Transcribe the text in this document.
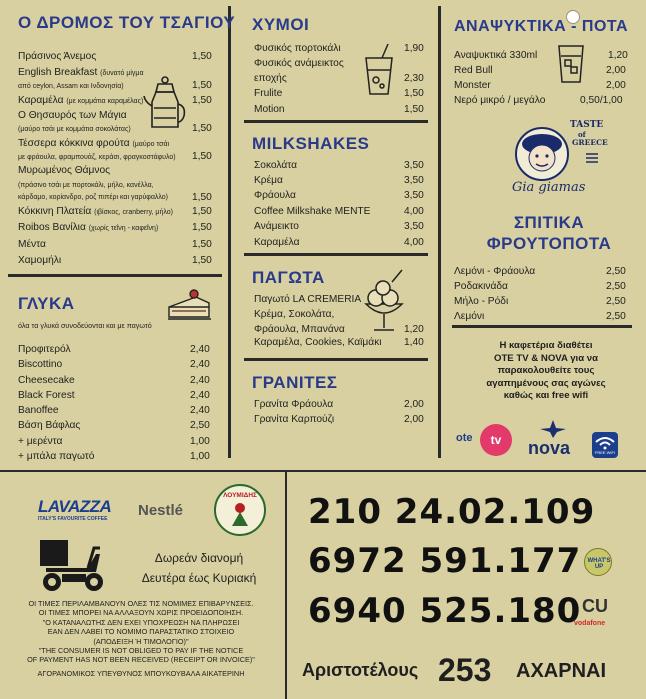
Ο ΔΡΟΜΟΣ ΤΟΥ ΤΣΑΓΙΟΥ
Πράσινος Άνεμος	1,50
English Breakfast (δυνατό μίγμα
από ceylon, Assam και Ινδονησία)	1,50
Καραμέλα (με κομμάτια καραμέλας)	1,50
Ο Θησαυρός των Μάγια
(μαύρο τσάι με κομμάτια σοκολάτας)	1,50
Τέσσερα κόκκινα φρούτα (μαύρο τσάι
με φράουλα, φραμπουάζ, κεράσι, φραγκοστάφυλο) 1,50
Μυρωμένος Θάμνος
(πράσινο τσάι με πορτοκάλι, μήλο, κανέλλα,
κάρδαμο, κορίανδρο, ροζ πιπέρι και γαρύφαλλο) 1,50
Κόκκινη Πλατεία (ιβίσκος, cranberry, μήλο) 1,50
Roibos Βανίλια (χωρίς τεΐνη - καφεΐνη)	1,50
Μέντα	1,50
Χαμομήλι	1,50
ΓΛΥΚΑ
όλα τα γλυκά συνοδεύονται και με παγωτό
Προφιτερόλ	2,40
Biscottino	2,40
Cheesecake	2,40
Black Forest	2,40
Banoffee	2,40
Βάση Βάφλας	2,50
+ μερέντα	1,00
+ μπάλα παγωτό	1,00
ΧΥΜΟΙ
Φυσικός πορτοκάλι	1,90
Φυσικός ανάμεικτος
εποχής	2,30
Frulite	1,50
Motion	1,50
MILKSHAKES
Σοκολάτα	3,50
Κρέμα	3,50
Φράουλα	3,50
Coffee Milkshake MENTE	4,00
Ανάμεικτο	3,50
Καραμέλα	4,00
ΠΑΓΩΤΑ
Παγωτό LA CREMERIA
Κρέμα, Σοκολάτα,
Φράουλα, Μπανάνα	1,20
Καραμέλα, Cookies, Καϊμάκι 1,40
ΓΡΑΝΙΤΕΣ
Γρανίτα Φράουλα	2,00
Γρανίτα Καρπούζι	2,00
ΑΝΑΨΥΚΤΙΚΑ - ΠΟΤΑ
Αναψυκτικά 330ml	1,20
Red Bull	2,00
Monster	2,00
Νερό μικρό / μεγάλο	0,50/1,00
TASTE
of
GREECE
Gia giamas
ΣΠΙΤΙΚΑ
ΦΡΟΥΤΟΠΟΤΑ
Λεμόνι - Φράουλα	2,50
Ροδακινάδα	2,50
Μήλο - Ρόδι	2,50
Λεμόνι	2,50
Η καφετέρια διαθέτει
OTE TV & NOVA για να
παρακολουθείτε τους
αγαπημένους σας αγώνες
καθώς και free wifi
ote	tv	nova	FREE WIFI
LAVAZZA
ITALY'S FAVOURITE COFFEE	Nestlé
ΛΟΥΜΙΔΗΣ
Δωρεάν διανομή
Δευτέρα έως Κυριακή
ΟΙ ΤΙΜΕΣ ΠΕΡΙΛΑΜΒΑΝΟΥΝ ΟΛΕΣ ΤΙΣ ΝΟΜΙΜΕΣ ΕΠΙΒΑΡΥΝΣΕΙΣ.
ΟΙ ΤΙΜΕΣ ΜΠΟΡΕΙ ΝΑ ΑΛΛΑΞΟΥΝ ΧΩΡΙΣ ΠΡΟΕΙΔΟΠΟΙΗΣΗ.
"Ο ΚΑΤΑΝΑΛΩΤΗΣ ΔΕΝ ΕΧΕΙ ΥΠΟΧΡΕΩΣΗ ΝΑ ΠΛΗΡΩΣΕΙ
ΕΑΝ ΔΕΝ ΛΑΒΕΙ ΤΟ ΝΟΜΙΜΟ ΠΑΡΑΣΤΑΤΙΚΟ ΣΤΟΙΧΕΙΟ
(ΑΠΟΔΕΙΞΗ Ή ΤΙΜΟΛΟΓΙΟ)"
"THE CONSUMER IS NOT OBLIGED TO PAY IF THE NOTICE
OF PAYMENT HAS NOT BEEN RECEIVED (RECEIPT OR INVOICE)"
ΑΓΟΡΑΝΟΜΙΚΟΣ ΥΠΕΥΘΥΝΟΣ ΜΠΟΥΚΟΥΒΑΛΑ ΑΙΚΑΤΕΡΙΝΗ
210 24.02.109
6972 591.177
6940 525.180
WHAT'S UP
CU
vodafone
Αριστοτέλους 253 ΑΧΑΡΝΑΙ
